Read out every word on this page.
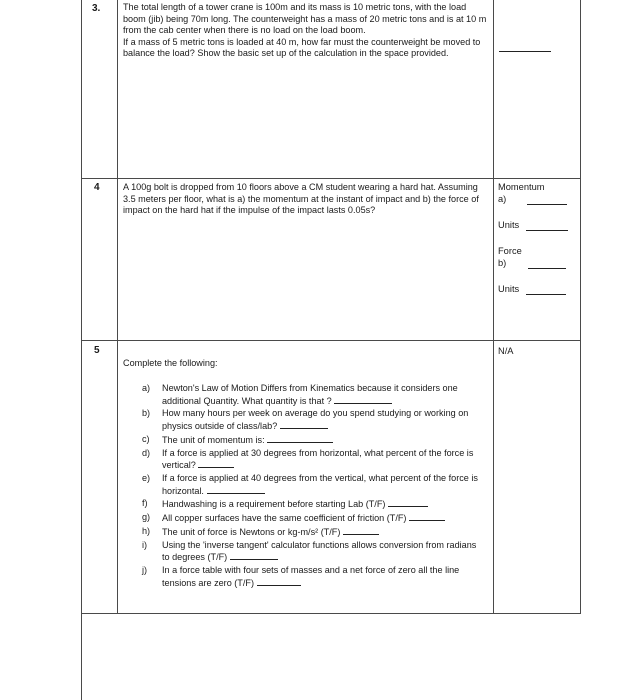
3. The total length of a tower crane is 100m and its mass is 10 metric tons, with the load boom (jib) being 70m long. The counterweight has a mass of 20 metric tons and is at 10 m from the cab center when there is no load on the load boom.

If a mass of 5 metric tons is loaded at 40 m, how far must the counterweight be moved to balance the load? Show the basic set up of the calculation in the space provided.

4	A 100g bolt is dropped from 10 floors above a CM student wearing a hard hat. Assuming 3.5 meters per floor, what is a) the momentum at the instant of impact and b) the force of impact on the hard hat if the impulse of the impact lasts 0.05s?
Momentum
a)
Units
Force
b)
Units
5	N/A
Complete the following:
a) Newton's Law of Motion Differs from Kinematics because it considers one additional Quantity. What quantity is that ?
b) How many hours per week on average do you spend studying or working on physics outside of class/lab?
c) The unit of momentum is:
d) If a force is applied at 30 degrees from horizontal, what percent of the force is vertical?
e) If a force is applied at 40 degrees from the vertical, what percent of the force is horizontal.
f) Handwashing is a requirement before starting Lab (T/F)
g) All copper surfaces have the same coefficient of friction (T/F)
h) The unit of force is Newtons or kg-m/s² (T/F)
i) Using the 'inverse tangent' calculator functions allows conversion from radians to degrees (T/F)
j) In a force table with four sets of masses and a net force of zero all the line tensions are zero (T/F)
